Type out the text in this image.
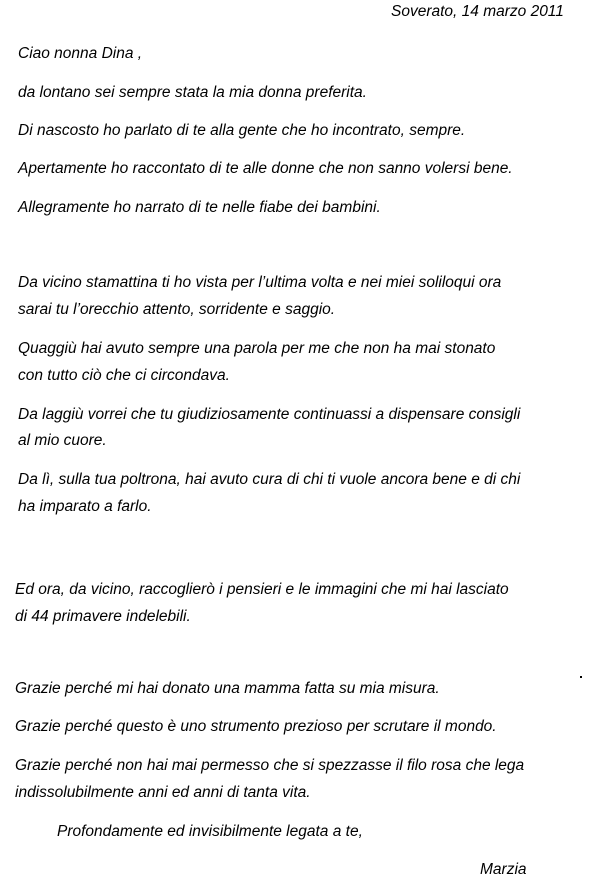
Soverato, 14 marzo 2011
Ciao nonna Dina ,
da lontano sei sempre stata la mia donna preferita.
Di nascosto ho parlato di te alla gente che ho incontrato, sempre.
Apertamente ho raccontato di te alle donne che non sanno volersi bene.
Allegramente ho narrato di te nelle fiabe dei bambini.
Da vicino stamattina ti ho vista per l’ultima volta e nei miei soliloqui ora
sarai tu l’orecchio attento, sorridente e saggio.
Quaggiù hai avuto sempre una parola per me che non ha mai stonato
con tutto ciò che ci circondava.
Da laggiù vorrei che tu giudiziosamente continuassi a dispensare consigli
al mio cuore.
Da lì, sulla tua poltrona, hai avuto cura di chi ti vuole ancora bene e di chi
ha imparato a farlo.
Ed ora, da vicino, raccoglierò i pensieri e le immagini che mi hai lasciato
di 44 primavere indelebili.
Grazie perché mi hai donato una mamma fatta su mia misura.
Grazie perché questo è uno strumento prezioso per scrutare il mondo.
Grazie perché non hai mai permesso che si spezzasse il filo rosa che lega
indissolubilmente anni ed anni di tanta vita.
Profondamente ed invisibilmente legata a te,
Marzia
